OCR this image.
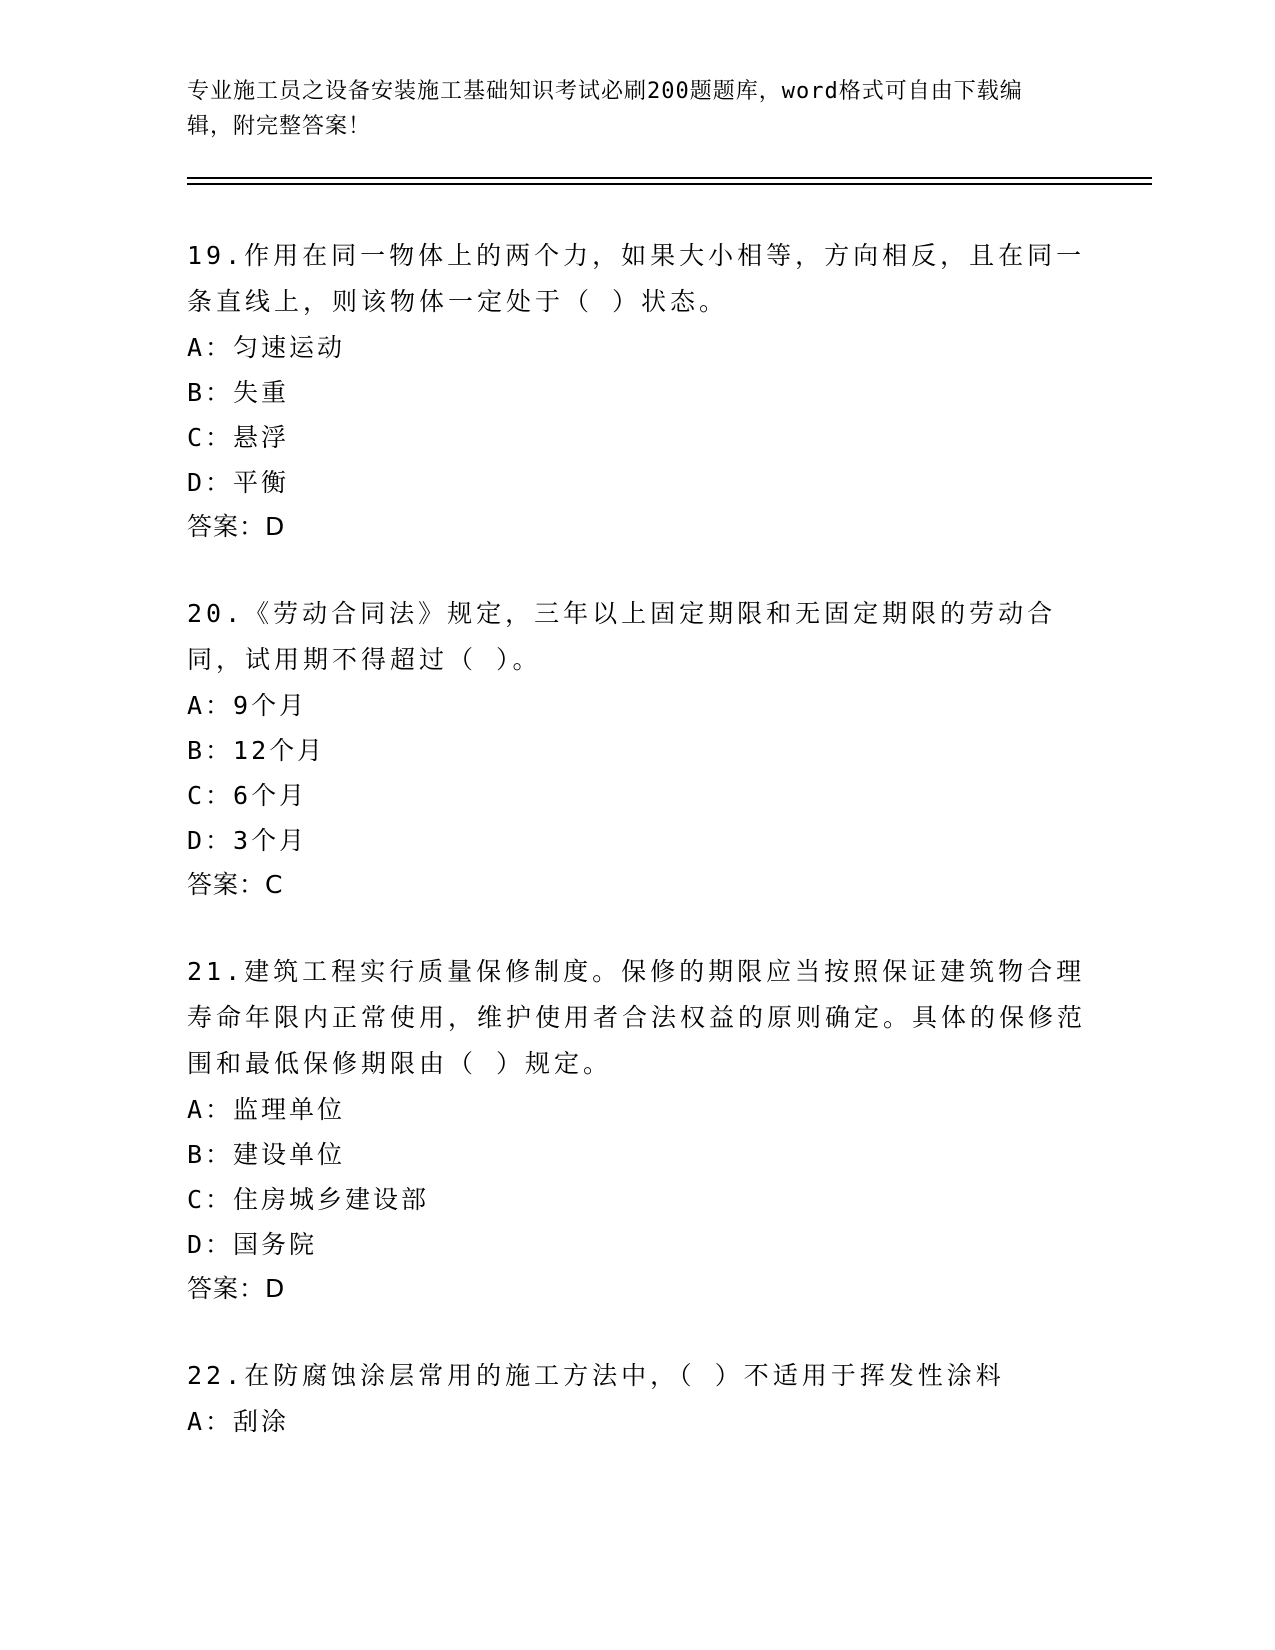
专业施工员之设备安装施工基础知识考试必刷200题题库，word格式可自由下载编辑，附完整答案！
19.作用在同一物体上的两个力，如果大小相等，方向相反，且在同一条直线上，则该物体一定处于（ ）状态。
A：匀速运动
B：失重
C：悬浮
D：平衡
答案：D
20.《劳动合同法》规定，三年以上固定期限和无固定期限的劳动合同，试用期不得超过（ ）。
A：9个月
B：12个月
C：6个月
D：3个月
答案：C
21.建筑工程实行质量保修制度。保修的期限应当按照保证建筑物合理寿命年限内正常使用，维护使用者合法权益的原则确定。具体的保修范围和最低保修期限由（ ）规定。
A：监理单位
B：建设单位
C：住房城乡建设部
D：国务院
答案：D
22.在防腐蚀涂层常用的施工方法中，（ ）不适用于挥发性涂料
A：刮涂
